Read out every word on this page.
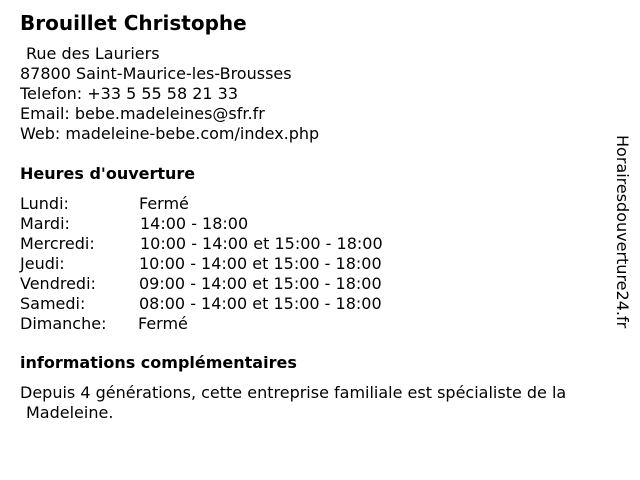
Brouillet Christophe
Rue des Lauriers
87800 Saint-Maurice-les-Brousses
Telefon: +33 5 55 58 21 33
Email: bebe.madeleines@sfr.fr
Web: madeleine-bebe.com/index.php
Heures d'ouverture
Lundi:	Fermé
Mardi:	14:00 - 18:00
Mercredi:	10:00 - 14:00 et 15:00 - 18:00
Jeudi:	10:00 - 14:00 et 15:00 - 18:00
Vendredi:	09:00 - 14:00 et 15:00 - 18:00
Samedi:	08:00 - 14:00 et 15:00 - 18:00
Dimanche: Fermé
informations complémentaires
Depuis 4 générations, cette entreprise familiale est spécialiste de la
Madeleine.
Horairesdouverture24.fr
